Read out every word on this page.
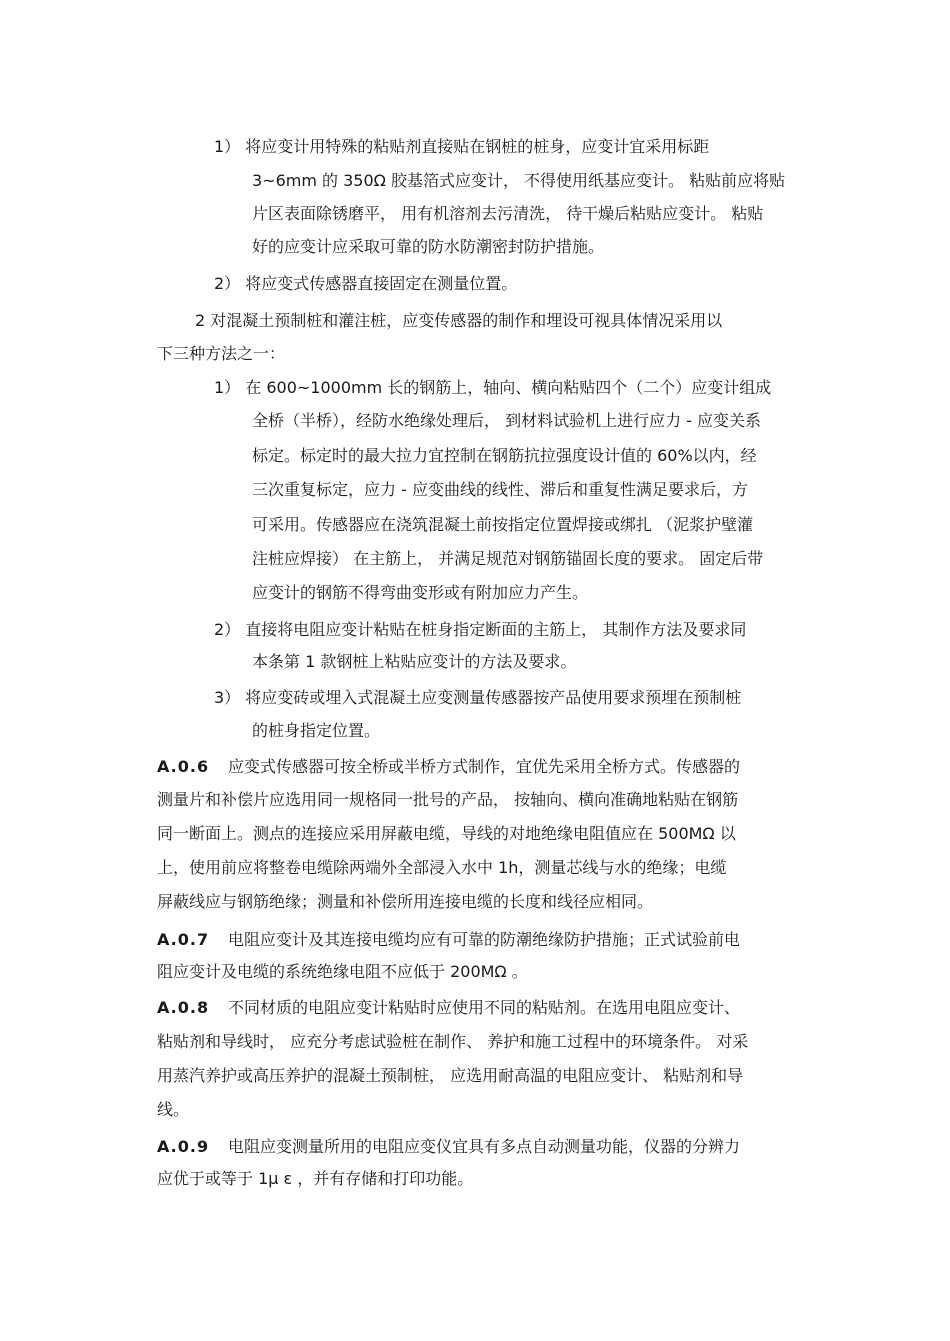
1） 将应变计用特殊的粘贴剂直接贴在钢桩的桩身，应变计宜采用标距
3~6mm 的 350Ω 胶基箔式应变计， 不得使用纸基应变计。 粘贴前应将贴
片区表面除锈磨平， 用有机溶剂去污清洗， 待干燥后粘贴应变计。 粘贴
好的应变计应采取可靠的防水防潮密封防护措施。
2） 将应变式传感器直接固定在测量位置。
2 对混凝土预制桩和灌注桩，应变传感器的制作和埋设可视具体情况采用以
下三种方法之一：
1） 在 600~1000mm 长的钢筋上，轴向、横向粘贴四个（二个）应变计组成
全桥（半桥），经防水绝缘处理后， 到材料试验机上进行应力 - 应变关系
标定。标定时的最大拉力宜控制在钢筋抗拉强度设计值的 60%以内，经
三次重复标定，应力 - 应变曲线的线性、滞后和重复性满足要求后，方
可采用。传感器应在浇筑混凝土前按指定位置焊接或绑扎 （泥浆护壁灌
注桩应焊接） 在主筋上， 并满足规范对钢筋锚固长度的要求。 固定后带
应变计的钢筋不得弯曲变形或有附加应力产生。
2） 直接将电阻应变计粘贴在桩身指定断面的主筋上， 其制作方法及要求同
本条第 1 款钢桩上粘贴应变计的方法及要求。
3） 将应变砖或埋入式混凝土应变测量传感器按产品使用要求预埋在预制桩
的桩身指定位置。
A.0.6 应变式传感器可按全桥或半桥方式制作，宜优先采用全桥方式。传感器的
测量片和补偿片应选用同一规格同一批号的产品， 按轴向、横向准确地粘贴在钢筋
同一断面上。测点的连接应采用屏蔽电缆，导线的对地绝缘电阻值应在 500MΩ 以
上，使用前应将整卷电缆除两端外全部浸入水中 1h，测量芯线与水的绝缘；电缆
屏蔽线应与钢筋绝缘；测量和补偿所用连接电缆的长度和线径应相同。
A.0.7 电阻应变计及其连接电缆均应有可靠的防潮绝缘防护措施；正式试验前电
阻应变计及电缆的系统绝缘电阻不应低于 200MΩ 。
A.0.8 不同材质的电阻应变计粘贴时应使用不同的粘贴剂。在选用电阻应变计、
粘贴剂和导线时， 应充分考虑试验桩在制作、 养护和施工过程中的环境条件。 对采
用蒸汽养护或高压养护的混凝土预制桩， 应选用耐高温的电阻应变计、 粘贴剂和导
线。
A.0.9 电阻应变测量所用的电阻应变仪宜具有多点自动测量功能，仪器的分辨力
应优于或等于 1μ ε ，并有存储和打印功能。
